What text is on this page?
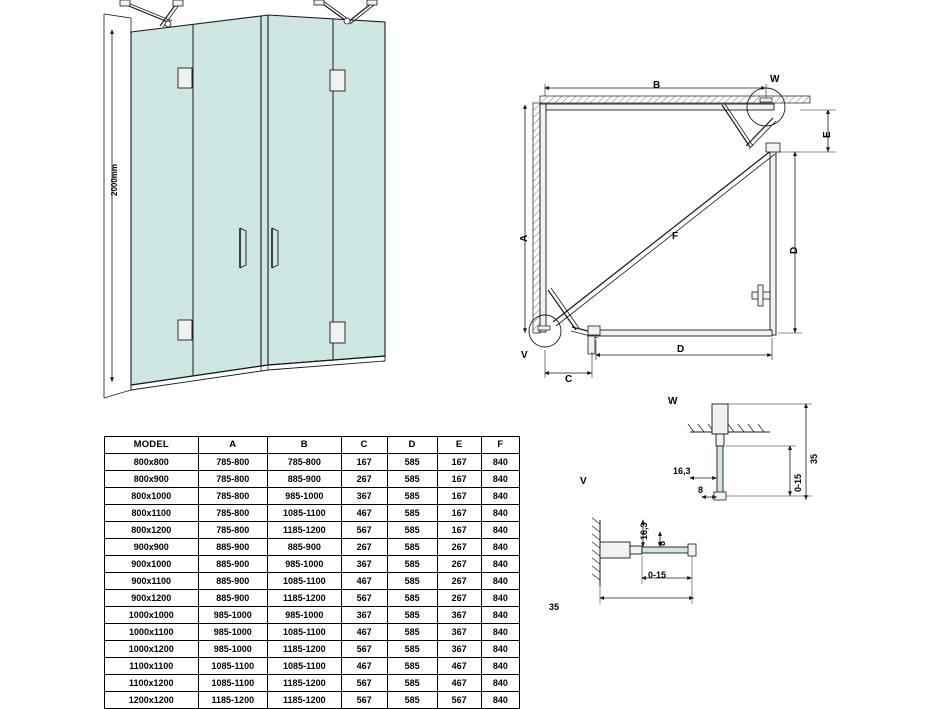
2000mm
B
A
C
D
D
E
F
V
W
W
16,3
8	0-15
35
V
16,3
8
0-15
35
MODEL	A	B	C	D	E	F
800x800	785-800	785-800	167	585	167	840
800x900	785-800	885-900	267	585	167	840
800x1000	785-800	985-1000	367	585	167	840
800x1100	785-800	1085-1100	467	585	167	840
800x1200	785-800	1185-1200	567	585	167	840
900x900	885-900	885-900	267	585	267	840
900x1000	885-900	985-1000	367	585	267	840
900x1100	885-900	1085-1100	467	585	267	840
900x1200	885-900	1185-1200	567	585	267	840
1000x1000	985-1000	985-1000	367	585	367	840
1000x1100	985-1000	1085-1100	467	585	367	840
1000x1200	985-1000	1185-1200	567	585	367	840
1100x1100	1085-1100	1085-1100	467	585	467	840
1100x1200	1085-1100	1185-1200	567	585	467	840
1200x1200	1185-1200	1185-1200	567	585	567	840
